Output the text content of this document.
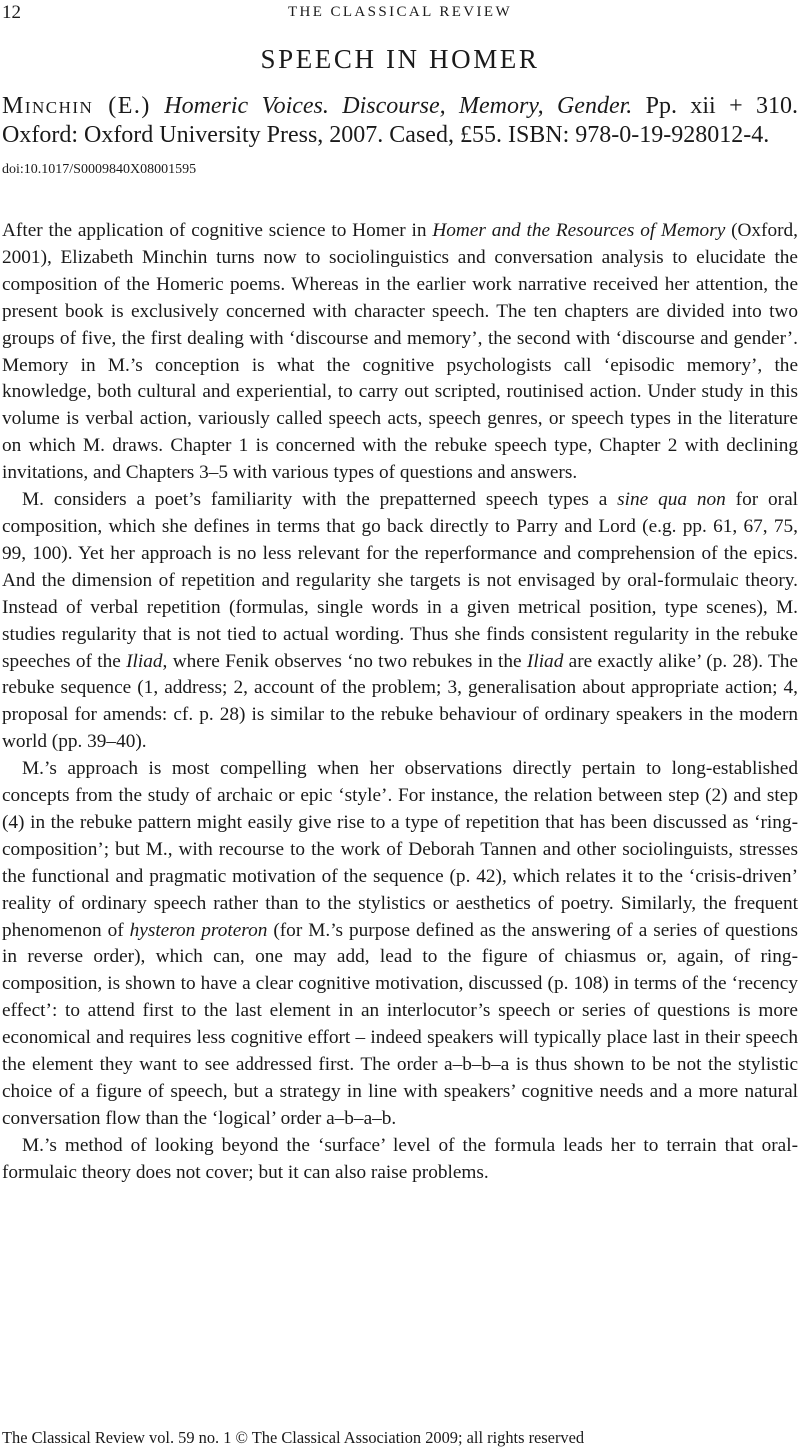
12	THE CLASSICAL REVIEW
SPEECH IN HOMER
Minchin (E.) Homeric Voices. Discourse, Memory, Gender. Pp. xii + 310. Oxford: Oxford University Press, 2007. Cased, £55. ISBN: 978-0-19-928012-4.
doi:10.1017/S0009840X08001595

After the application of cognitive science to Homer in Homer and the Resources of Memory (Oxford, 2001), Elizabeth Minchin turns now to sociolinguistics and conversation analysis to elucidate the composition of the Homeric poems. Whereas in the earlier work narrative received her attention, the present book is exclusively concerned with character speech. The ten chapters are divided into two groups of five, the first dealing with ‘discourse and memory’, the second with ‘discourse and gender’. Memory in M.’s conception is what the cognitive psychologists call ‘episodic memory’, the knowledge, both cultural and experiential, to carry out scripted, routinised action. Under study in this volume is verbal action, variously called speech acts, speech genres, or speech types in the literature on which M. draws. Chapter 1 is concerned with the rebuke speech type, Chapter 2 with declining invitations, and Chapters 3–5 with various types of questions and answers.

M. considers a poet’s familiarity with the prepatterned speech types a sine qua non for oral composition, which she defines in terms that go back directly to Parry and Lord (e.g. pp. 61, 67, 75, 99, 100). Yet her approach is no less relevant for the reperformance and comprehension of the epics. And the dimension of repetition and regularity she targets is not envisaged by oral-formulaic theory. Instead of verbal repetition (formulas, single words in a given metrical position, type scenes), M. studies regularity that is not tied to actual wording. Thus she finds consistent regularity in the rebuke speeches of the Iliad, where Fenik observes ‘no two rebukes in the Iliad are exactly alike’ (p. 28). The rebuke sequence (1, address; 2, account of the problem; 3, generalisation about appropriate action; 4, proposal for amends: cf. p. 28) is similar to the rebuke behaviour of ordinary speakers in the modern world (pp. 39–40).

M.’s approach is most compelling when her observations directly pertain to long-established concepts from the study of archaic or epic ‘style’. For instance, the relation between step (2) and step (4) in the rebuke pattern might easily give rise to a type of repetition that has been discussed as ‘ring-composition’; but M., with recourse to the work of Deborah Tannen and other sociolinguists, stresses the functional and pragmatic motivation of the sequence (p. 42), which relates it to the ‘crisis-driven’ reality of ordinary speech rather than to the stylistics or aesthetics of poetry. Similarly, the frequent phenomenon of hysteron proteron (for M.’s purpose defined as the answering of a series of questions in reverse order), which can, one may add, lead to the figure of chiasmus or, again, of ring-composition, is shown to have a clear cognitive motivation, discussed (p. 108) in terms of the ‘recency effect’: to attend first to the last element in an interlocutor’s speech or series of questions is more economical and requires less cognitive effort – indeed speakers will typically place last in their speech the element they want to see addressed first. The order a–b–b–a is thus shown to be not the stylistic choice of a figure of speech, but a strategy in line with speakers’ cognitive needs and a more natural conversation flow than the ‘logical’ order a–b–a–b.

M.’s method of looking beyond the ‘surface’ level of the formula leads her to terrain that oral-formulaic theory does not cover; but it can also raise problems.

The Classical Review vol. 59 no. 1 © The Classical Association 2009; all rights reserved
